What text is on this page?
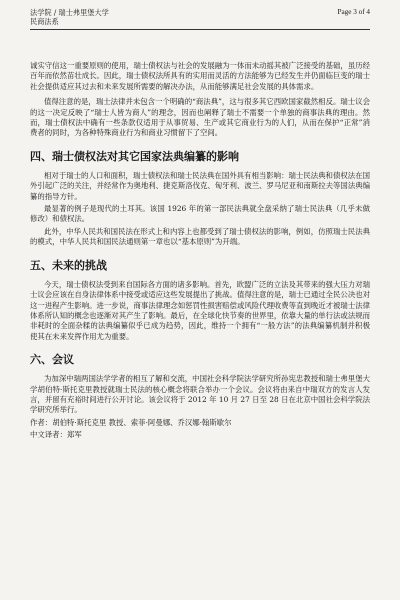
法学院 / 瑞士弗里堡大学
民商法系
Page 3 of 4

诚实守信这一重要原则的使用，瑞士债权法与社会的发展融为一体而未动摇其被广泛接受的基础，虽历经百年而依然苗壮成长。因此，瑞士债权法所具有的实用而灵活的方法能够为已经发生并仍面临巨变的瑞士社会提供适应其过去和未来发展所需要的解决办法，从而能够满足社会发展的具体需求。

值得注意的是，瑞士法律并未包含一个明确的“商法典”，这与很多其它西欧国家截然相反。瑞士议会的这一决定反映了“瑞士人皆为商人”的理念，因而也阐释了瑞士不需要一个单独的商事法典的理由。然而，瑞士债权法中确有一些条款仅适用于从事贸易、生产或其它商业行为的人们，从而在保护“正常”消费者的同时，为各种特殊商业行为和商业习惯留下了空间。

四、瑞士债权法对其它国家法典编纂的影响

相对于瑞士的人口和面积，瑞士债权法和瑞士民法典在国外具有相当影响：瑞士民法典和债权法在国外引起广泛的关注，并经常作为奥地利、捷克斯洛伐克、匈牙利、波兰、罗马尼亚和南斯拉夫等国法典编纂的指导方针。

最显著的例子是现代的土耳其。该国 1926 年的第一部民法典就全盘采纳了瑞士民法典（几乎未做修改）和债权法。

此外，中华人民共和国民法在形式上和内容上也都受到了瑞士债权法的影响，例如，仿照瑞士民法典的模式，中华人民共和国民法通则第一章也以“基本原则”为开端。

五、未来的挑战

今天，瑞士债权法受到来自国际各方面的诸多影响。首先，欧盟广泛的立法及其带来的强大压力对瑞士议会应该在自身法律体系中接受或适应这些发展提出了挑战。值得注意的是，瑞士已通过全民公决也对这一进程产生影响。进一步说，商事法律理念如惩罚性损害赔偿或风险代理收费等直到晚近才被瑞士法律体系所认知的概念也逐渐对其产生了影响。最后，在全球化快节奏的世界里，依靠大量的单行法或法规而非耗时的全面杂糅的法典编纂似乎已成为趋势，因此，维持一个拥有“一般方法”的法典编纂机制并积极使其在未来发挥作用尤为重要。

六、会议

为加深中瑞两国法学学者的相互了解和交流，中国社会科学院法学研究所孙宪忠教授和瑞士弗里堡大学胡伯特·斯托克里教授就瑞士民法的核心概念将联合举办一个会议。会议将由来自中瑞双方的发言人发言，并留有充裕时间进行公开讨论。该会议将于 2012 年 10 月 27 日至 28 日在北京中国社会科学院法学研究所举行。

作者：胡伯特·斯托克里 教授、索菲·阿曼娜、乔汉娜·翰斯歇尔
中文译者：郑军
